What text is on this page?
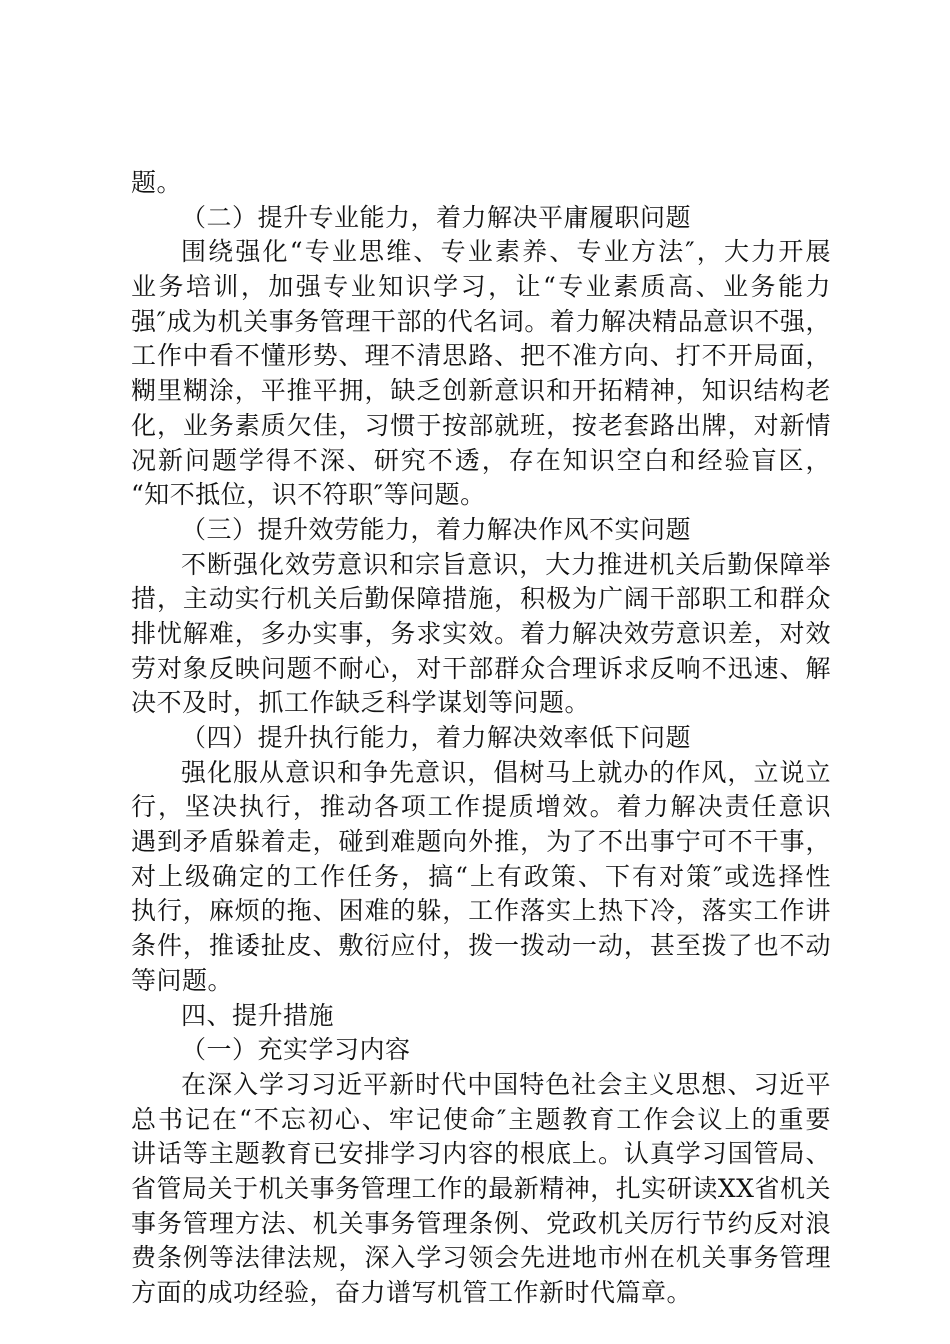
题。
（二）提升专业能力，着力解决平庸履职问题
围绕强化“专业思维、专业素养、专业方法″，大力开展
业务培训，加强专业知识学习，让“专业素质高、业务能力
强″成为机关事务管理干部的代名词。着力解决精品意识不强，
工作中看不懂形势、理不清思路、把不准方向、打不开局面，
糊里糊涂，平推平拥，缺乏创新意识和开拓精神，知识结构老
化，业务素质欠佳，习惯于按部就班，按老套路出牌，对新情
况新问题学得不深、研究不透，存在知识空白和经验盲区，
“知不抵位，识不符职″等问题。
（三）提升效劳能力，着力解决作风不实问题
不断强化效劳意识和宗旨意识，大力推进机关后勤保障举
措，主动实行机关后勤保障措施，积极为广阔干部职工和群众
排忧解难，多办实事，务求实效。着力解决效劳意识差，对效
劳对象反映问题不耐心，对干部群众合理诉求反响不迅速、解
决不及时，抓工作缺乏科学谋划等问题。
（四）提升执行能力，着力解决效率低下问题
强化服从意识和争先意识，倡树马上就办的作风，立说立
行，坚决执行，推动各项工作提质增效。着力解决责任意识
遇到矛盾躲着走，碰到难题向外推，为了不出事宁可不干事，
对上级确定的工作任务，搞“上有政策、下有对策″或选择性
执行，麻烦的拖、困难的躲，工作落实上热下冷，落实工作讲
条件，推诿扯皮、敷衍应付，拨一拨动一动，甚至拨了也不动
等问题。
四、提升措施
（一）充实学习内容
在深入学习习近平新时代中国特色社会主义思想、习近平
总书记在“不忘初心、牢记使命″主题教育工作会议上的重要
讲话等主题教育已安排学习内容的根底上。认真学习国管局、
省管局关于机关事务管理工作的最新精神，扎实研读XX省机关
事务管理方法、机关事务管理条例、党政机关厉行节约反对浪
费条例等法律法规，深入学习领会先进地市州在机关事务管理
方面的成功经验，奋力谱写机管工作新时代篇章。
